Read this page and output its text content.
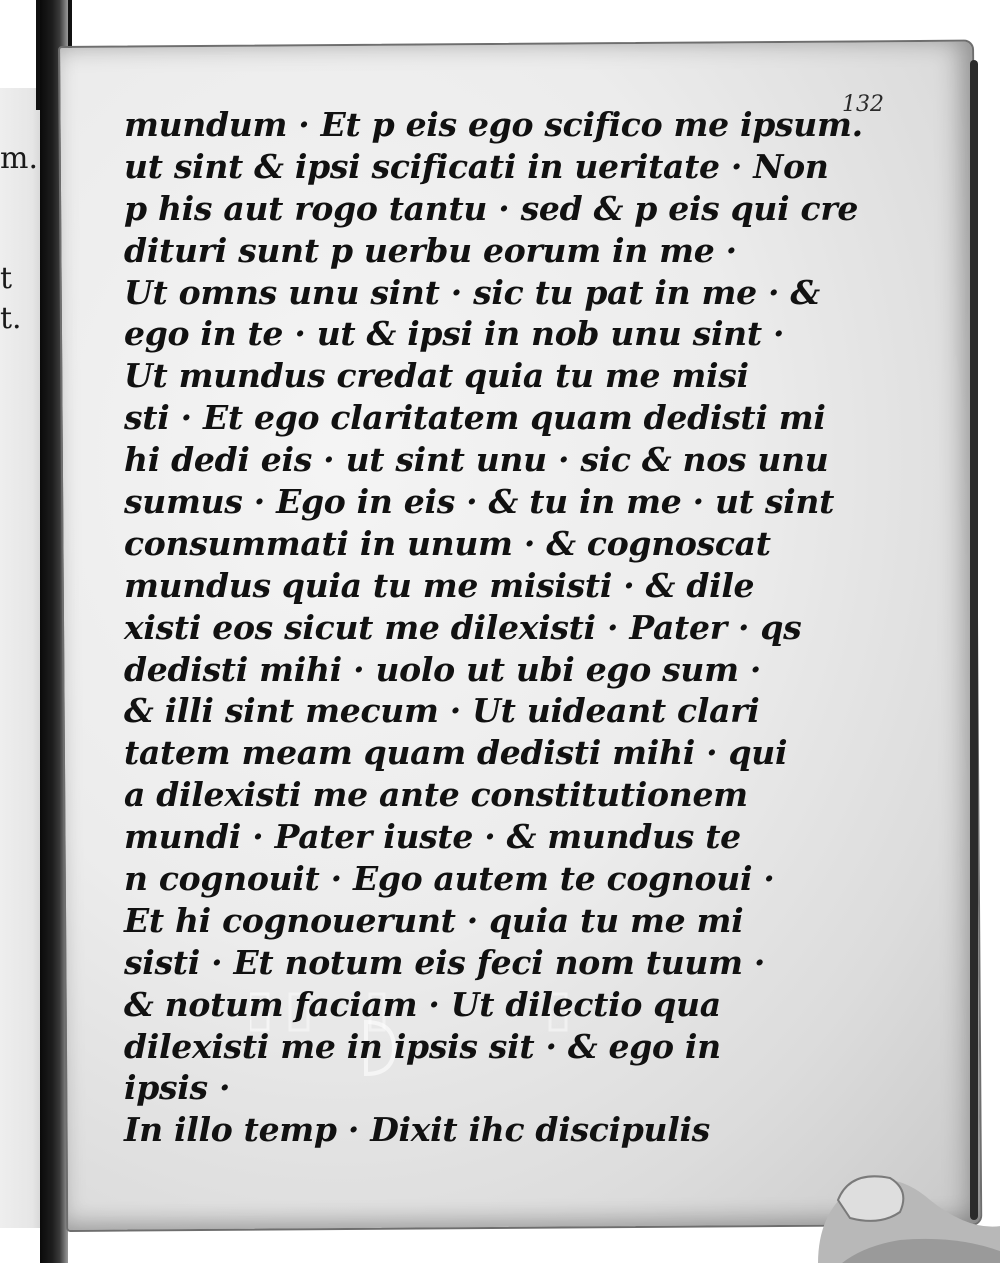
m.
t
t.
132
mundum · Et p eis ego scifico me ipsum.
ut sint & ipsi scificati in ueritate · Non
p his aut rogo tantu · sed & p eis qui cre
dituri sunt p uerbu eorum in me ·
Ut omns unu sint · sic tu pat in me · &
ego in te · ut & ipsi in nob unu sint ·
Ut mundus credat quia tu me misi
sti · Et ego claritatem quam dedisti mi
hi dedi eis · ut sint unu · sic & nos unu
sumus · Ego in eis · & tu in me · ut sint
consummati in unum · & cognoscat
mundus quia tu me misisti · & dile
xisti eos sicut me dilexisti · Pater · qs
dedisti mihi · uolo ut ubi ego sum ·
& illi sint mecum · Ut uideant clari
tatem meam quam dedisti mihi · qui
a dilexisti me ante constitutionem
mundi · Pater iuste · & mundus te
n cognouit · Ego autem te cognoui ·
Et hi cognouerunt · quia tu me mi
sisti · Et notum eis feci nom tuum ·
& notum faciam · Ut dilectio qua
dilexisti me in ipsis sit · & ego in
ipsis ·
In illo temp · Dixit ihc discipulis
